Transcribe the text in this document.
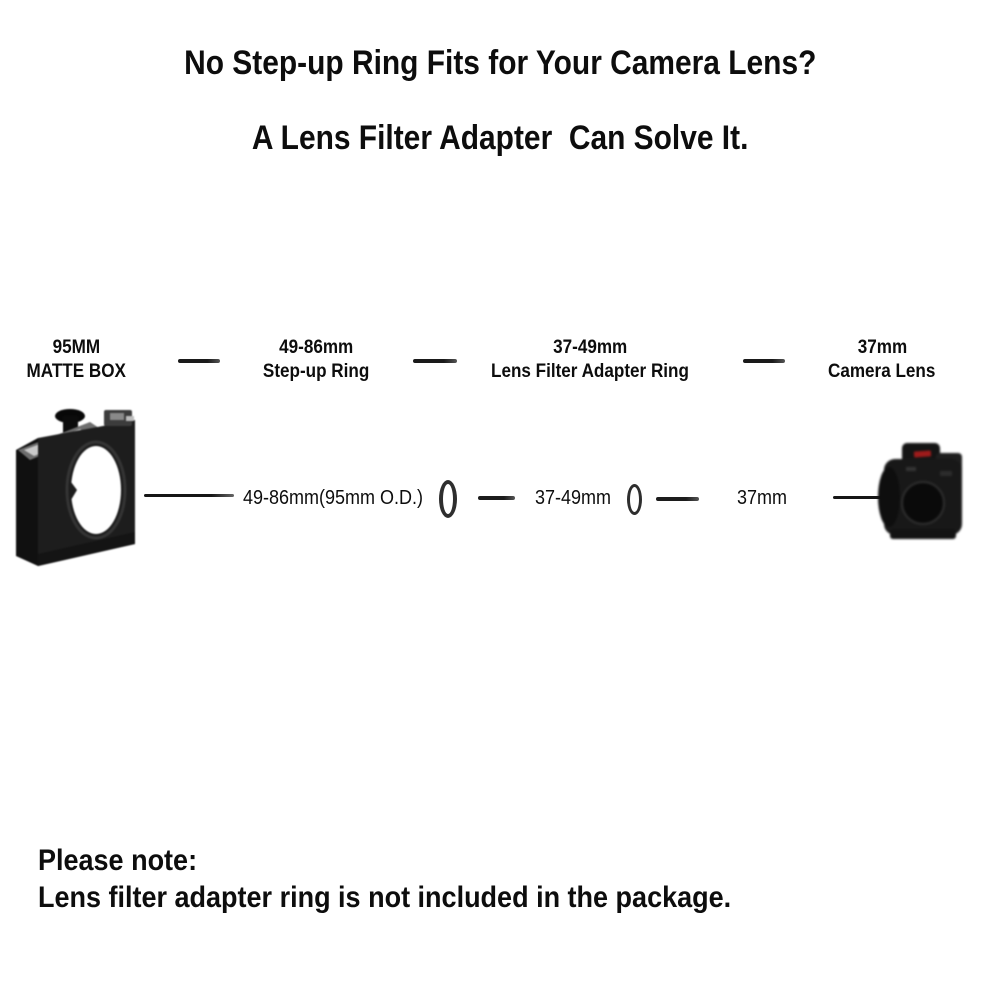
No Step-up Ring Fits for Your Camera Lens?
A Lens Filter Adapter  Can Solve It.
95MM
MATTE BOX
49-86mm
Step-up Ring
37-49mm
Lens Filter Adapter Ring
37mm
Camera Lens
49-86mm(95mm O.D.)	37-49mm	37mm
Please note:
Lens filter adapter ring is not included in the package.
